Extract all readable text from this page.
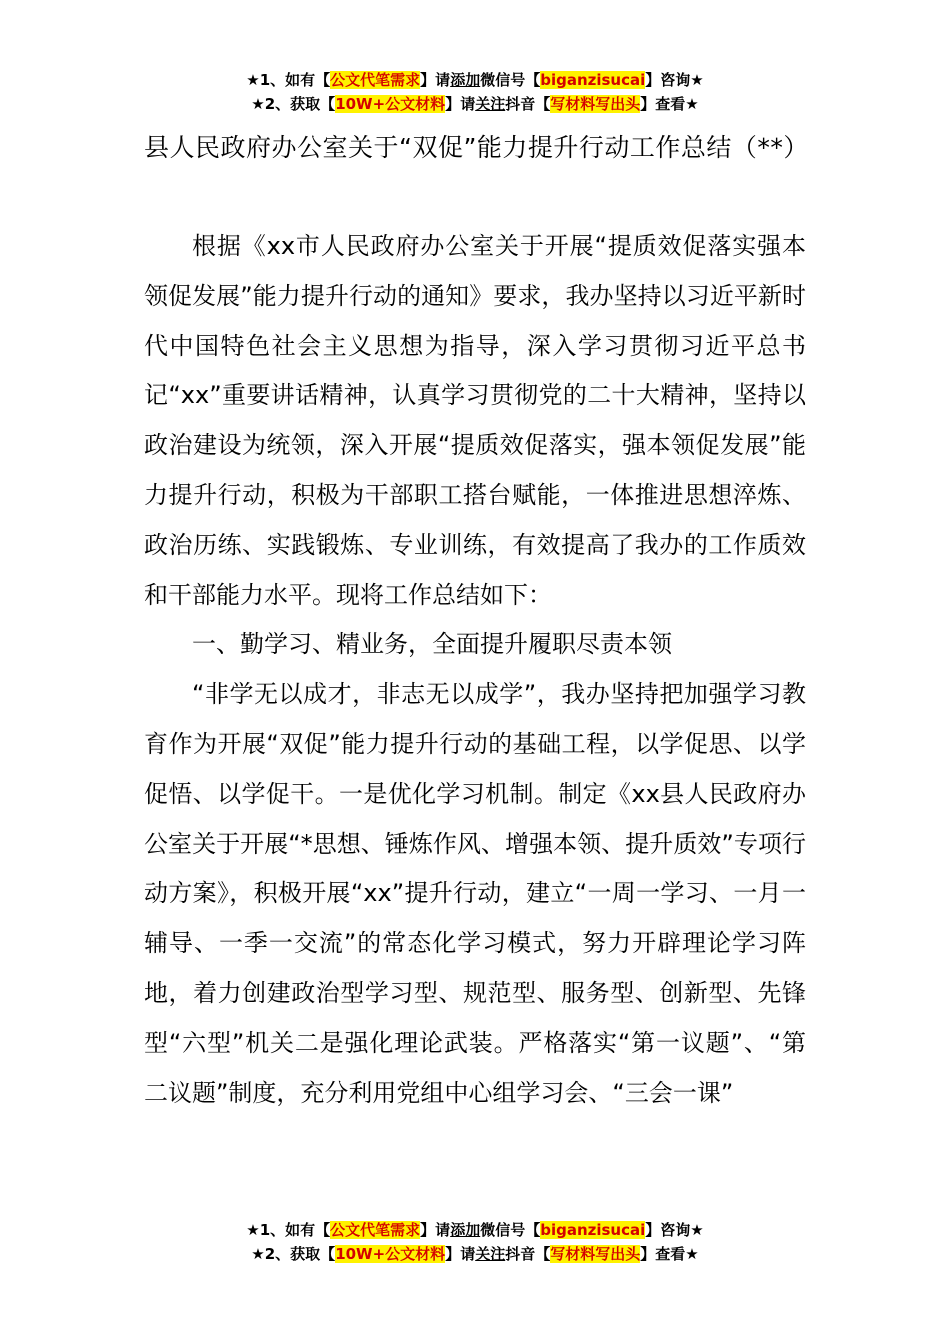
★1、如有【公文代笔需求】请添加微信号【biganzisucai】咨询★
★2、获取【10W+公文材料】请关注抖音【写材料写出头】查看★
县人民政府办公室关于“双促”能力提升行动工作总结（**）

根据《xx市人民政府办公室关于开展“提质效促落实强本领促发展”能力提升行动的通知》要求，我办坚持以习近平新时代中国特色社会主义思想为指导，深入学习贯彻习近平总书记“xx”重要讲话精神，认真学习贯彻党的二十大精神，坚持以政治建设为统领，深入开展“提质效促落实，强本领促发展”能力提升行动，积极为干部职工搭台赋能，一体推进思想淬炼、政治历练、实践锻炼、专业训练，有效提高了我办的工作质效和干部能力水平。现将工作总结如下：

一、勤学习、精业务，全面提升履职尽责本领

“非学无以成才，非志无以成学”，我办坚持把加强学习教育作为开展“双促”能力提升行动的基础工程，以学促思、以学促悟、以学促干。一是优化学习机制。制定《xx县人民政府办公室关于开展“*思想、锤炼作风、增强本领、提升质效”专项行动方案》，积极开展“xx”提升行动，建立“一周一学习、一月一辅导、一季一交流”的常态化学习模式，努力开辟理论学习阵地，着力创建政治型学习型、规范型、服务型、创新型、先锋型“六型”机关二是强化理论武装。严格落实“第一议题”、“第二议题”制度，充分利用党组中心组学习会、“三会一课”

★1、如有【公文代笔需求】请添加微信号【biganzisucai】咨询★
★2、获取【10W+公文材料】请关注抖音【写材料写出头】查看★
